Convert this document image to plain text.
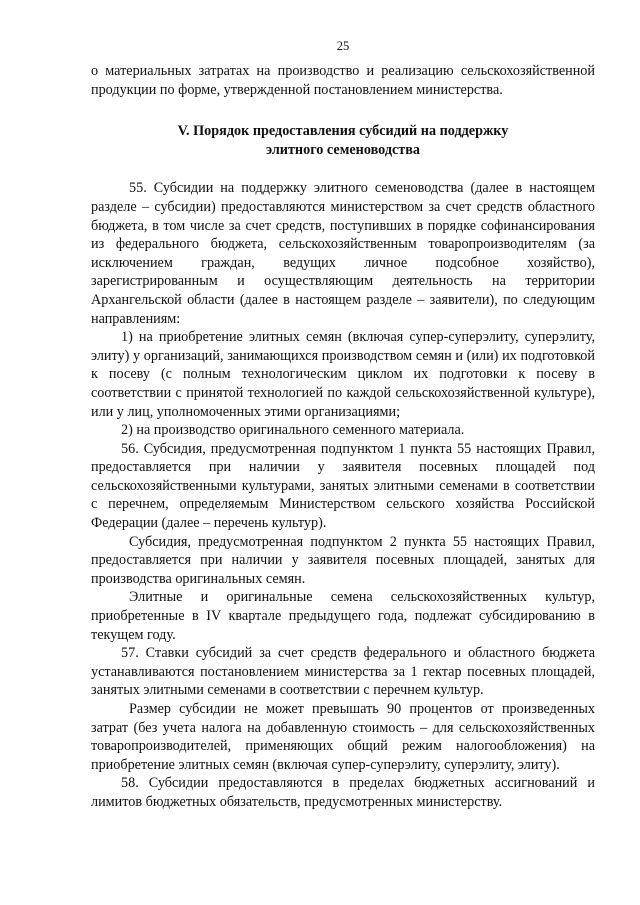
25

о материальных затратах на производство и реализацию сельскохозяйственной продукции по форме, утвержденной постановлением министерства.

V. Порядок предоставления субсидий на поддержку
элитного семеноводства

55. Субсидии на поддержку элитного семеноводства (далее в настоящем разделе – субсидии) предоставляются министерством за счет средств областного бюджета, в том числе за счет средств, поступивших в порядке софинансирования из федерального бюджета, сельскохозяйственным товаропроизводителям (за исключением граждан, ведущих личное подсобное хозяйство), зарегистрированным и осуществляющим деятельность на территории Архангельской области (далее в настоящем разделе – заявители), по следующим направлениям:

1) на приобретение элитных семян (включая супер-суперэлиту, суперэлиту, элиту) у организаций, занимающихся производством семян и (или) их подготовкой к посеву (с полным технологическим циклом их подготовки к посеву в соответствии с принятой технологией по каждой сельскохозяйственной культуре), или у лиц, уполномоченных этими организациями;

2) на производство оригинального семенного материала.

56. Субсидия, предусмотренная подпунктом 1 пункта 55 настоящих Правил, предоставляется при наличии у заявителя посевных площадей под сельскохозяйственными культурами, занятых элитными семенами в соответствии с перечнем, определяемым Министерством сельского хозяйства Российской Федерации (далее – перечень культур).

Субсидия, предусмотренная подпунктом 2 пункта 55 настоящих Правил, предоставляется при наличии у заявителя посевных площадей, занятых для производства оригинальных семян.

Элитные и оригинальные семена сельскохозяйственных культур, приобретенные в IV квартале предыдущего года, подлежат субсидированию в текущем году.

57. Ставки субсидий за счет средств федерального и областного бюджета устанавливаются постановлением министерства за 1 гектар посевных площадей, занятых элитными семенами в соответствии с перечнем культур.

Размер субсидии не может превышать 90 процентов от произведенных затрат (без учета налога на добавленную стоимость – для сельскохозяйственных товаропроизводителей, применяющих общий режим налогообложения) на приобретение элитных семян (включая супер-суперэлиту, суперэлиту, элиту).

58. Субсидии предоставляются в пределах бюджетных ассигнований и лимитов бюджетных обязательств, предусмотренных министерству.
